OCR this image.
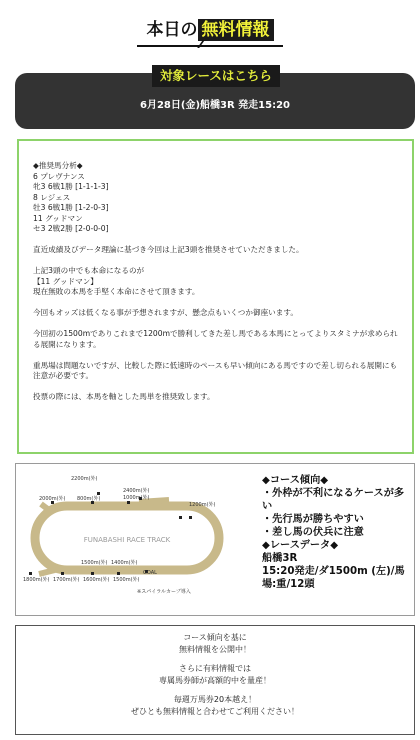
本日の 無料情報
対象レースはこちら
6月28日(金)船橋3R 発走15:20

◆推奨馬分析◆
6 プレヴナンス
牝3 6戦1勝 [1-1-1-3]
8 レジェス
牡3 6戦1勝 [1-2-0-3]
11 グッドマン
セ3 2戦2勝 [2-0-0-0]

直近成績及びデータ理論に基づき今回は上記3頭を推奨させていただきました。

上記3頭の中でも本命になるのが
【11 グッドマン】
現在無敗の本馬を手堅く本命にさせて頂きます。

今回もオッズは低くなる事が予想されますが、懸念点もいくつか御座います。

今回初の1500mでありこれまで1200mで勝利してきた差し馬である本馬にとってよりスタミナが求められる展開になります。

重馬場は問題ないですが、比較した際に低速時のペースも早い傾向にある馬ですので差し切られる展開にも注意が必要です。

投票の際には、本馬を軸とした馬単を推奨致します。

FUNABASHI RACE TRACK
2200m(外)
2000m(外) 800m(外)
2400m(外)
1000m(外)
1200m(外)
1500m(外) 1400m(外)
1800m(外) 1700m(外) 1600m(外) 1500m(外)
GOAL
※スパイラルカーブ導入
◆コース傾向◆
・外枠が不利になるケースが多い
・先行馬が勝ちやすい
・差し馬の伏兵に注意
◆レースデータ◆
船橋3R
15:20発走/ダ1500m (左)/馬場:重/12頭

コース傾向を基に
無料情報を公開中！

さらに有料情報では
専属馬券師が高額的中を量産！

毎週万馬券20本越え！
ぜひとも無料情報と合わせてご利用ください！
